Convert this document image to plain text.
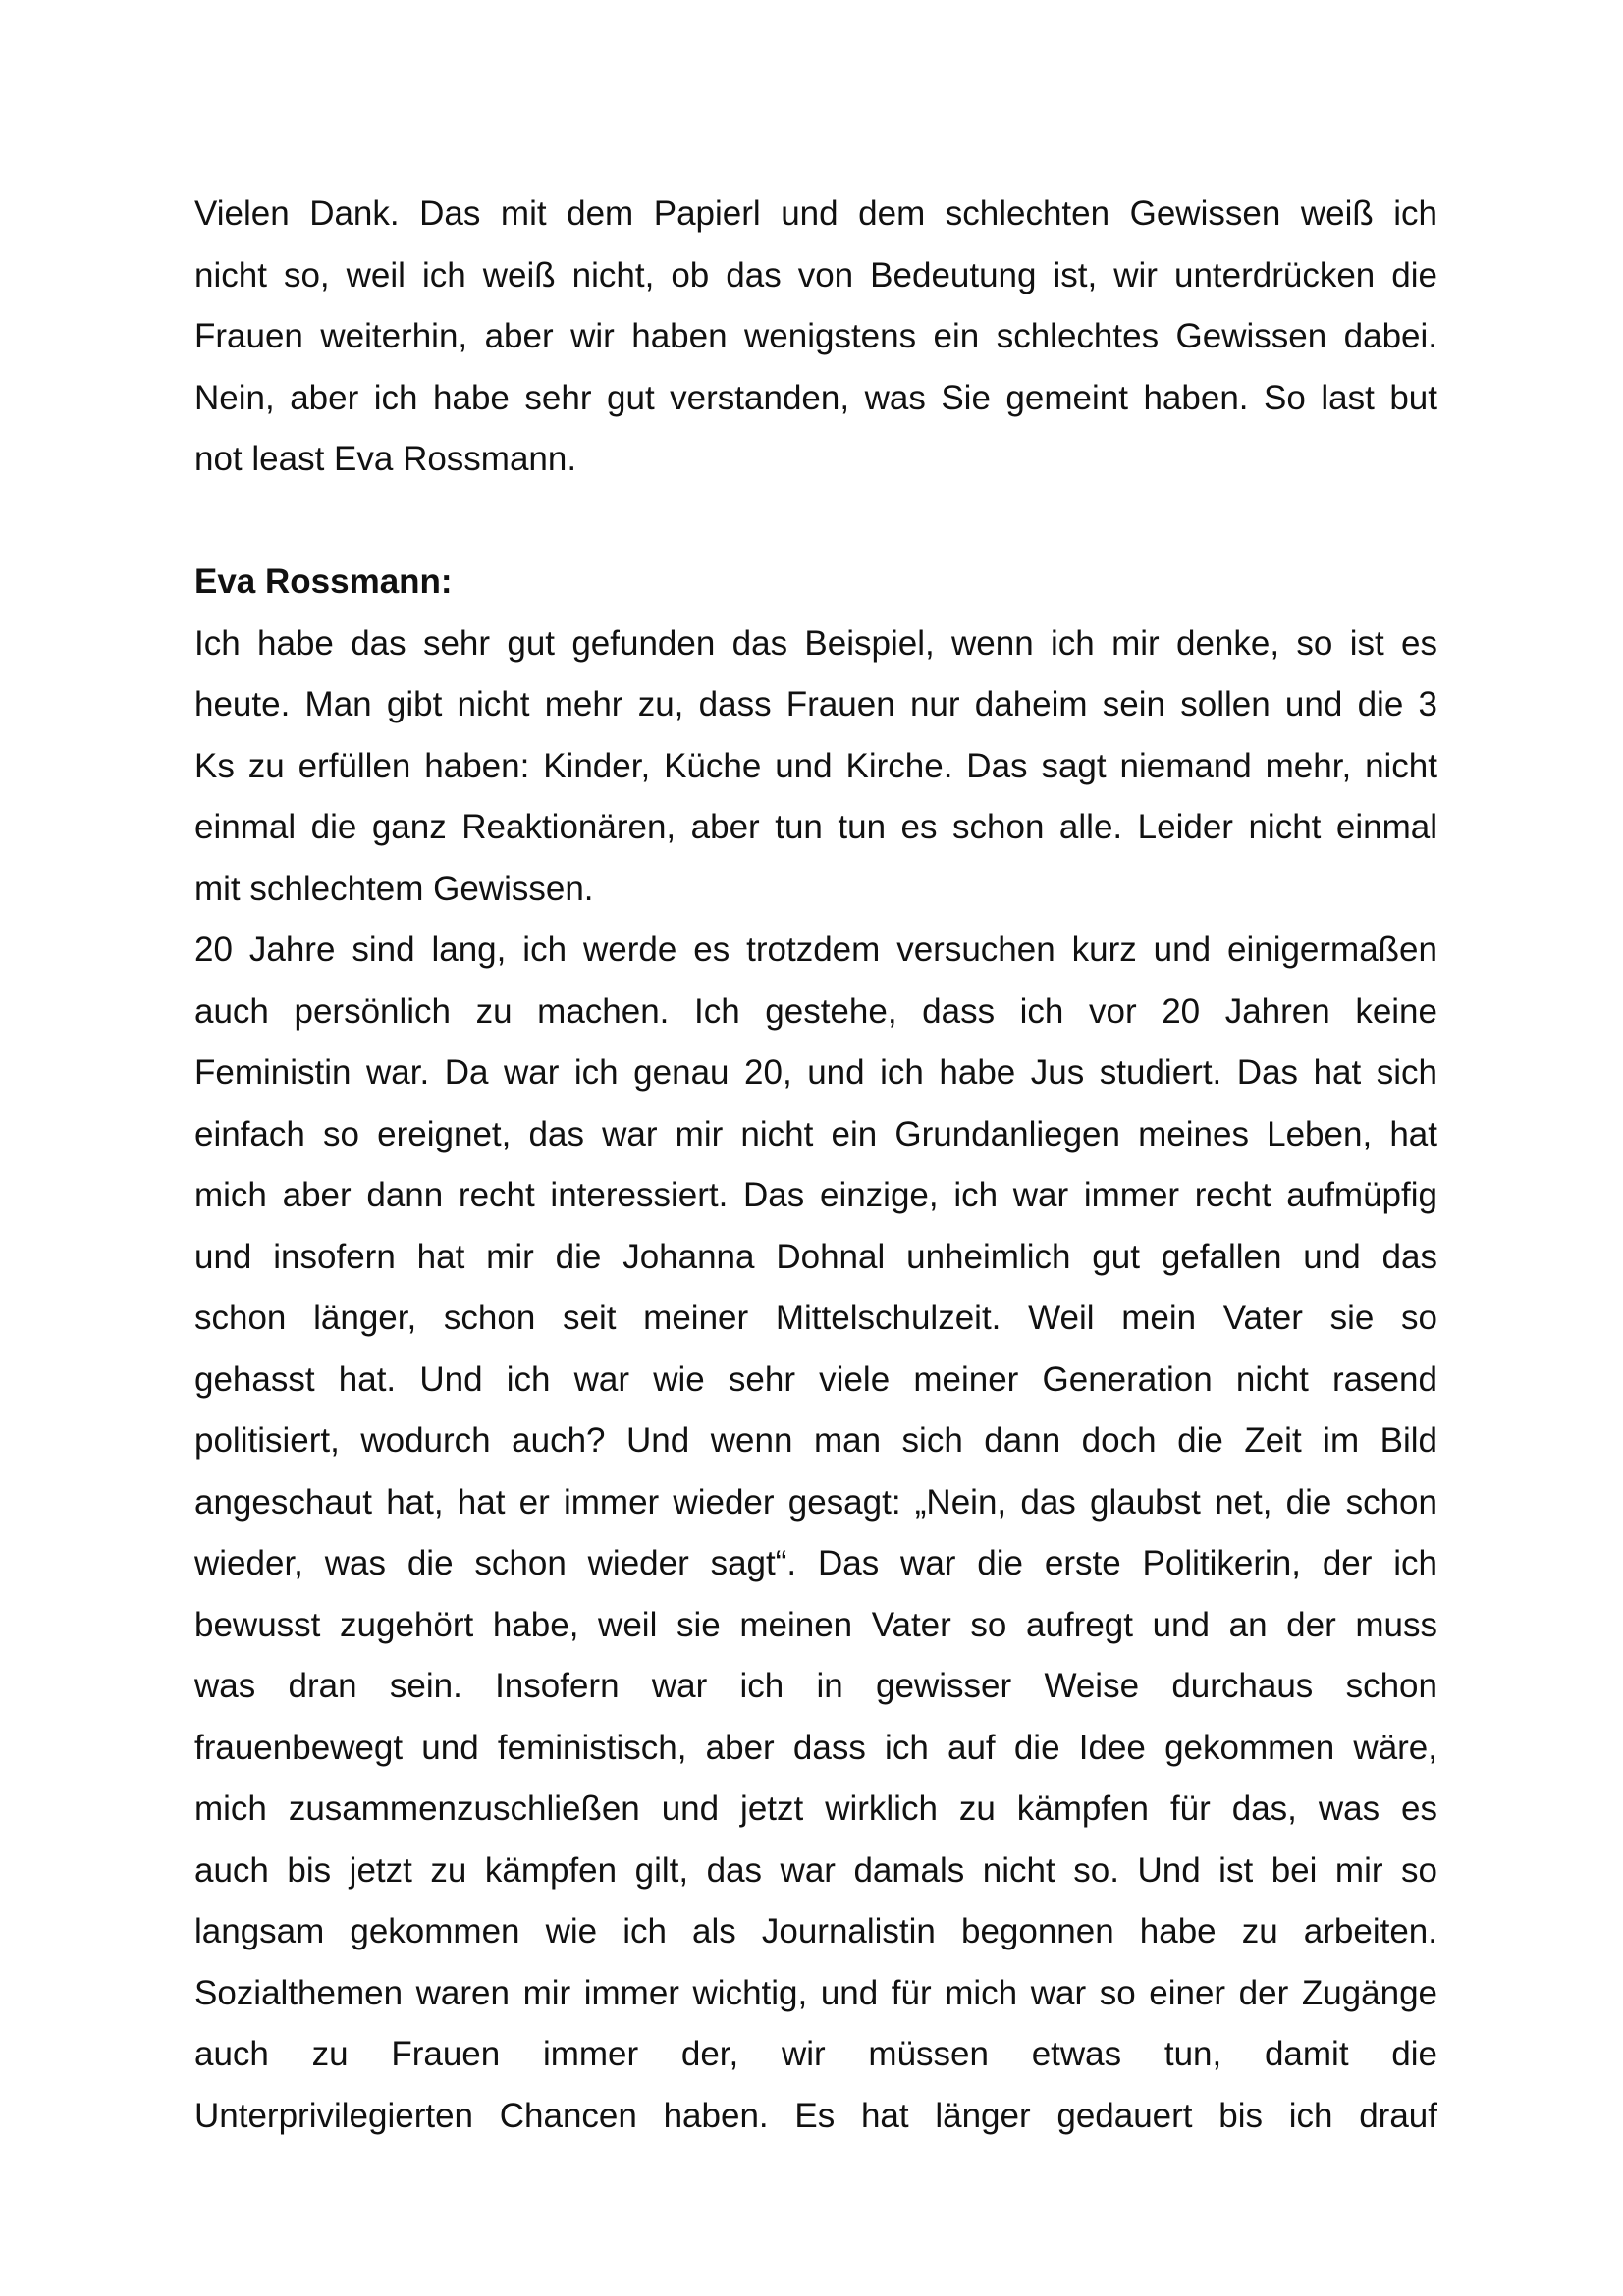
Vielen Dank. Das mit dem Papierl und dem schlechten Gewissen weiß ich
nicht so, weil ich weiß nicht, ob das von Bedeutung ist, wir unterdrücken die
Frauen weiterhin, aber wir haben wenigstens ein schlechtes Gewissen dabei.
Nein, aber ich habe sehr gut verstanden, was Sie gemeint haben. So last but
not least Eva Rossmann.
Eva Rossmann:
Ich habe das sehr gut gefunden das Beispiel, wenn ich mir denke, so ist es
heute. Man gibt nicht mehr zu, dass Frauen nur daheim sein sollen und die 3
Ks zu erfüllen haben: Kinder, Küche und Kirche. Das sagt niemand mehr, nicht
einmal die ganz Reaktionären, aber tun tun es schon alle. Leider nicht einmal
mit schlechtem Gewissen.
20 Jahre sind lang, ich werde es trotzdem versuchen kurz und einigermaßen
auch persönlich zu machen. Ich gestehe, dass ich vor 20 Jahren keine
Feministin war. Da war ich genau 20, und ich habe Jus studiert. Das hat sich
einfach so ereignet, das war mir nicht ein Grundanliegen meines Leben, hat
mich aber dann recht interessiert. Das einzige, ich war immer recht aufmüpfig
und insofern hat mir die Johanna Dohnal unheimlich gut gefallen und das
schon länger, schon seit meiner Mittelschulzeit. Weil mein Vater sie so
gehasst hat. Und ich war wie sehr viele meiner Generation nicht rasend
politisiert, wodurch auch? Und wenn man sich dann doch die Zeit im Bild
angeschaut hat, hat er immer wieder gesagt: „Nein, das glaubst net, die schon
wieder, was die schon wieder sagt“. Das war die erste Politikerin, der ich
bewusst zugehört habe, weil sie meinen Vater so aufregt und an der muss
was dran sein. Insofern war ich in gewisser Weise durchaus schon
frauenbewegt und feministisch, aber dass ich auf die Idee gekommen wäre,
mich zusammenzuschließen und jetzt wirklich zu kämpfen für das, was es
auch bis jetzt zu kämpfen gilt, das war damals nicht so. Und ist bei mir so
langsam gekommen wie ich als Journalistin begonnen habe zu arbeiten.
Sozialthemen waren mir immer wichtig, und für mich war so einer der Zugänge
auch zu Frauen immer der, wir müssen etwas tun, damit die
Unterprivilegierten Chancen haben. Es hat länger gedauert bis ich drauf
